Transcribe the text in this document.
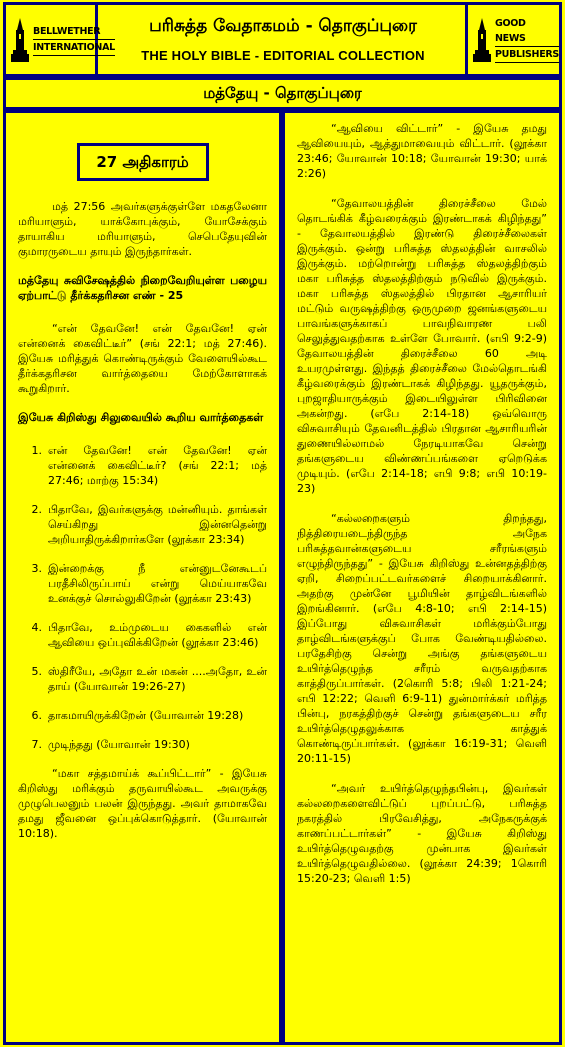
BELLWETHER
INTERNATIONAL
பரிசுத்த வேதாகமம் - தொகுப்புரை
THE HOLY BIBLE - EDITORIAL COLLECTION
GOOD NEWS
PUBLISHERS
மத்தேயு - தொகுப்புரை
27 அதிகாரம்

மத் 27:56 அவர்களுக்குள்ளே மகதலேனா மரியாளும், யாக்கோபுக்கும், யோசேக்கும் தாயாகிய மரியாளும், செபெதேயுவின் குமாரருடைய தாயும் இருந்தார்கள்.

மத்தேயு சுவிசேஷத்தில் நிறைவேறியுள்ள பழைய ஏற்பாட்டு தீர்க்கதரிசன எண் - 25

“என் தேவனே! என் தேவனே! ஏன் என்னைக் கைவிட்டீர்” (சங் 22:1; மத் 27:46). இயேசு மரித்துக் கொண்டிருக்கும் வேளையில்கூட தீர்க்கதரிசன வார்த்தையை மேற்கோளாகக் கூறுகிறார்.

இயேசு கிறிஸ்து சிலுவையில் கூறிய வார்த்தைகள்
1. என் தேவனே! என் தேவனே! ஏன் என்னைக் கைவிட்டீர்? (சங் 22:1; மத் 27:46; மாற்கு 15:34)
2. பிதாவே, இவர்களுக்கு மன்னியும். தாங்கள் செய்கிறது இன்னதென்று அறியாதிருக்கிறார்களே (லூக்கா 23:34)
3. இன்றைக்கு நீ என்னுடனேகூடப் பரதீசிலிருப்பாய் என்று மெய்யாகவே உனக்குச் சொல்லுகிறேன் (லூக்கா 23:43)
4. பிதாவே, உம்முடைய கைகளில் என் ஆவியை ஒப்புவிக்கிறேன் (லூக்கா 23:46)
5. ஸ்திரீயே, அதோ உன் மகன் ....அதோ, உன் தாய் (யோவான் 19:26-27)
6. தாகமாயிருக்கிறேன் (யோவான் 19:28)
7. முடிந்தது (யோவான் 19:30)

“மகா சத்தமாய்க் கூப்பிட்டார்” - இயேசு கிறிஸ்து மரிக்கும் தருவாயில்கூட அவருக்கு முழுபெலனும் பலன் இருந்தது. அவர் தாமாகவே தமது ஜீவனை ஒப்புக்கொடுத்தார். (யோவான் 10:18).

“ஆவியை விட்டார்” - இயேசு தமது ஆவியையும், ஆத்துமாவையும் விட்டார். (லூக்கா 23:46; யோவான் 10:18; யோவான் 19:30; யாக் 2:26)

“தேவாலயத்தின் திரைச்சீலை மேல் தொடங்கிக் கீழ்வரைக்கும் இரண்டாகக் கிழிந்தது” - தேவாலயத்தில் இரண்டு திரைச்சீலைகள் இருக்கும். ஒன்று பரிசுத்த ஸ்தலத்தின் வாசலில் இருக்கும். மற்றொன்று பரிசுத்த ஸ்தலத்திற்கும் மகா பரிசுத்த ஸ்தலத்திற்கும் நடுவில் இருக்கும். மகா பரிசுத்த ஸ்தலத்தில் பிரதான ஆசாரியர் மட்டும் வருஷத்திற்கு ஒருமுறை ஜனங்களுடைய பாவங்களுக்காகப் பாவநிவாரண பலி செலுத்துவதற்காக உள்ளே போவார். (எபி 9:2-9) தேவாலயத்தின் திரைச்சீலை 60 அடி உயரமுள்ளது. இந்தத் திரைச்சீலை மேல்தொடங்கி கீழ்வரைக்கும் இரண்டாகக் கிழிந்தது. யூதருக்கும், புறஜாதியாருக்கும் இடையிலுள்ள பிரிவினை அகன்றது. (எபே 2:14-18) ஒவ்வொரு விசுவாசியும் தேவனிடத்தில் பிரதான ஆசாரியரின் துணையில்லாமல் நேரடியாகவே சென்று தங்களுடைய விண்ணப்பங்களை ஏறெடுக்க முடியும். (எபே 2:14-18; எபி 9:8; எபி 10:19-23)

“கல்லறைகளும் திறந்தது, நித்திரையடைந்திருந்த அநேக பரிசுத்தவான்களுடைய சரீரங்களும் எழுந்திருந்தது” - இயேசு கிறிஸ்து உன்னதத்திற்கு ஏறி, சிறைப்பட்டவர்களைச் சிறையாக்கினார். அதற்கு முன்னே பூமியின் தாழ்விடங்களில் இறங்கினார். (எபே 4:8-10; எபி 2:14-15) இப்போது விசுவாசிகள் மரிக்கும்போது தாழ்விடங்களுக்குப் போக வேண்டியதில்லை. பரதேசிற்கு சென்று அங்கு தங்களுடைய உயிர்த்தெழுந்த சரீரம் வருவதற்காக காத்திருப்பார்கள். (2கொரி 5:8; பிலி 1:21-24; எபி 12:22; வெளி 6:9-11) துன்மார்க்கர் மரித்த பின்பு, நரகத்திற்குச் சென்று தங்களுடைய சரீர உயிர்த்தெழுதலுக்காக காத்துக் கொண்டிருப்பார்கள். (லூக்கா 16:19-31; வெளி 20:11-15)

“அவர் உயிர்த்தெழுந்தபின்பு, இவர்கள் கல்லறைகளைவிட்டுப் புறப்பட்டு, பரிசுத்த நகரத்தில் பிரவேசித்து, அநேகருக்குக் காணப்பட்டார்கள்” - இயேசு கிறிஸ்து உயிர்த்தெழுவதற்கு முன்பாக இவர்கள் உயிர்த்தெழுவதில்லை. (லூக்கா 24:39; 1கொரி 15:20-23; வெளி 1:5)
